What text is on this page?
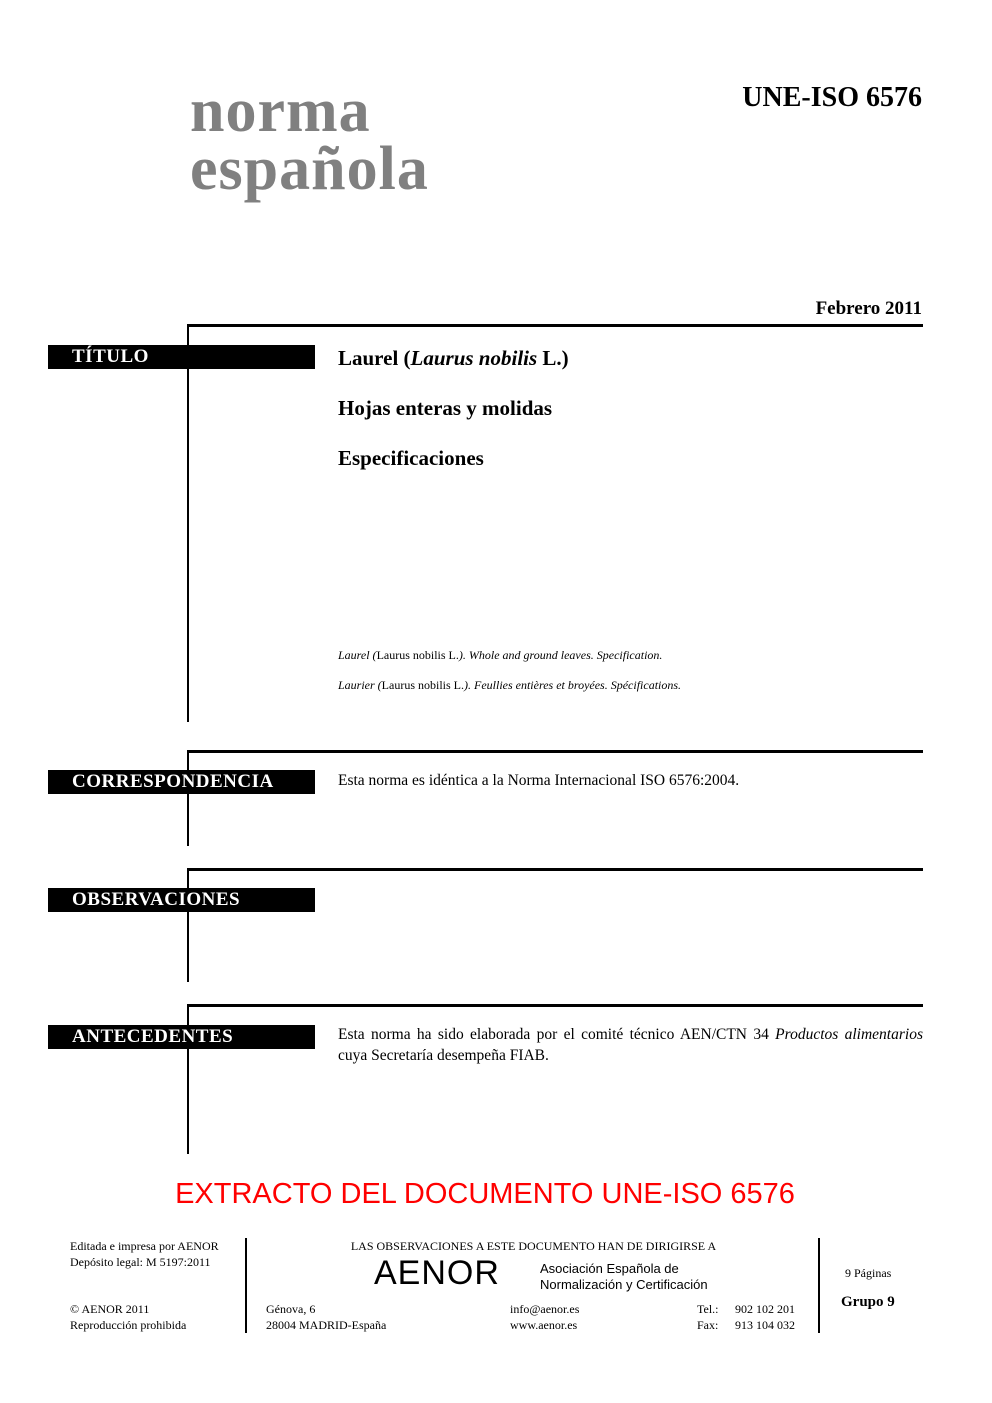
norma
española
UNE-ISO 6576
Febrero 2011
TÍTULO	Laurel (Laurus nobilis L.)
Hojas enteras y molidas
Especificaciones
Laurel (Laurus nobilis L.). Whole and ground leaves. Specification.
Laurier (Laurus nobilis L.). Feullies entières et broyées. Spécifications.
CORRESPONDENCIA	Esta norma es idéntica a la Norma Internacional ISO 6576:2004.
OBSERVACIONES
ANTECEDENTES	Esta norma ha sido elaborada por el comité técnico AEN/CTN 34 Productos alimentarios cuya Secretaría desempeña FIAB.
EXTRACTO DEL DOCUMENTO UNE-ISO 6576
Editada e impresa por AENOR
Depósito legal: M 5197:2011
© AENOR 2011
Reproducción prohibida
LAS OBSERVACIONES A ESTE DOCUMENTO HAN DE DIRIGIRSE A
AENOR	Asociación Española de
Normalización y Certificación
Génova, 6
28004 MADRID-España
info@aenor.es
www.aenor.es
Tel.:
Fax:
902 102 201
913 104 032
9 Páginas
Grupo 9
